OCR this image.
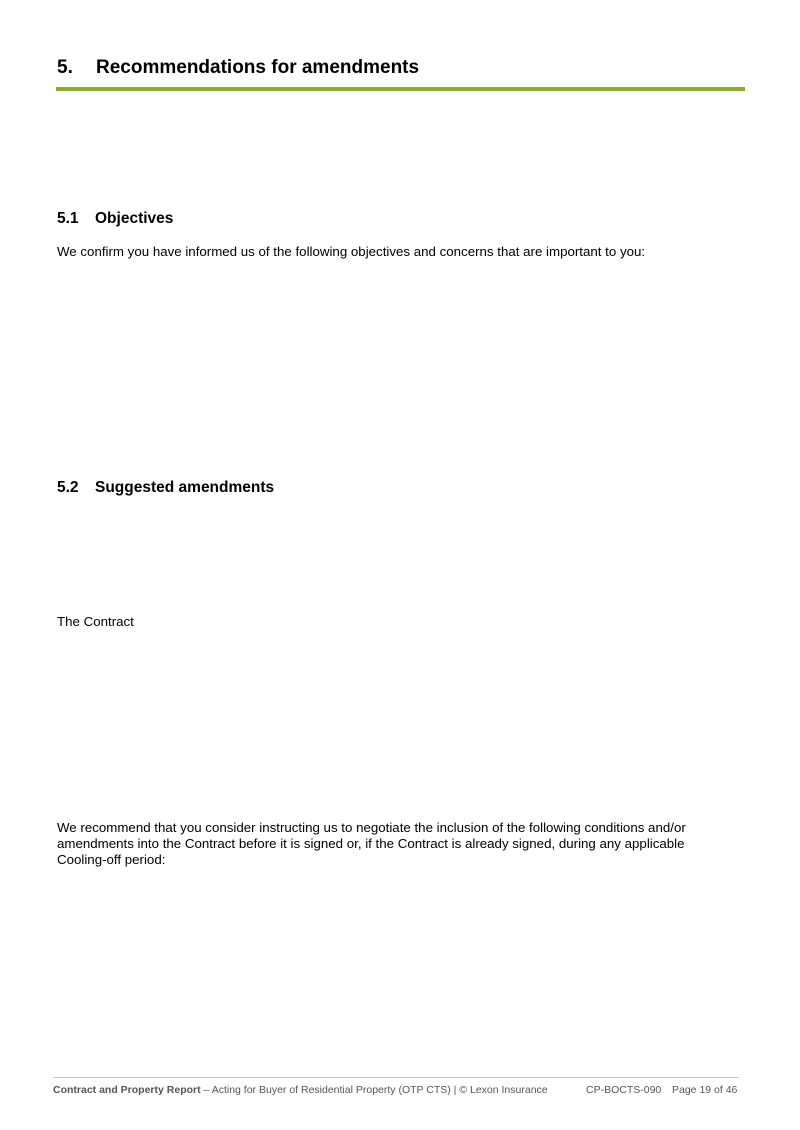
5. Recommendations for amendments
5.1 Objectives
We confirm you have informed us of the following objectives and concerns that are important to you:
5.2 Suggested amendments
The Contract
We recommend that you consider instructing us to negotiate the inclusion of the following conditions and/or amendments into the Contract before it is signed or, if the Contract is already signed, during any applicable Cooling-off period:
Contract and Property Report – Acting for Buyer of Residential Property (OTP CTS) | © Lexon Insurance	CP-BOCTS-090 Page 19 of 46
